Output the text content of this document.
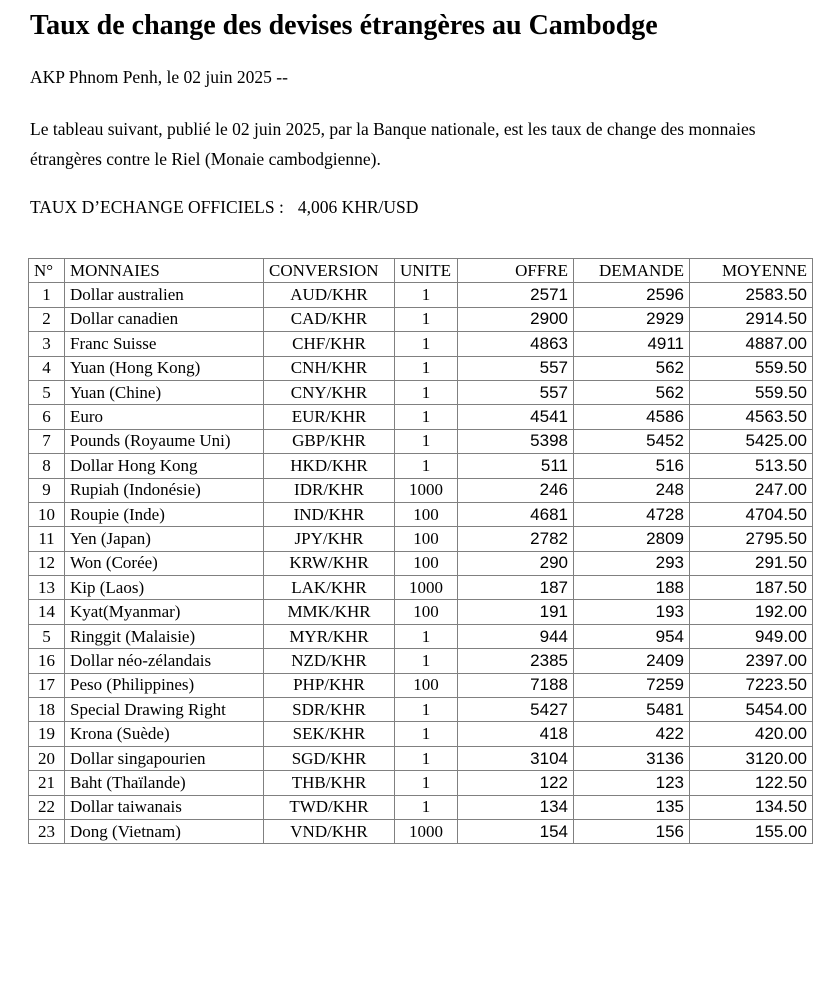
Taux de change des devises étrangères au Cambodge

AKP Phnom Penh, le 02 juin 2025 --

Le tableau suivant, publié le 02 juin 2025, par la Banque nationale, est les taux de change des monnaies étrangères contre le Riel (Monaie cambodgienne).

TAUX D’ECHANGE OFFICIELS : 4,006 KHR/USD

N°	MONNAIES	CONVERSION	UNITE	OFFRE	DEMANDE	MOYENNE
1	Dollar australien	AUD/KHR	1	2571	2596	2583.50
2	Dollar canadien	CAD/KHR	1	2900	2929	2914.50
3	Franc Suisse	CHF/KHR	1	4863	4911	4887.00
4	Yuan (Hong Kong)	CNH/KHR	1	557	562	559.50
5	Yuan (Chine)	CNY/KHR	1	557	562	559.50
6	Euro	EUR/KHR	1	4541	4586	4563.50
7	Pounds (Royaume Uni)	GBP/KHR	1	5398	5452	5425.00
8	Dollar Hong Kong	HKD/KHR	1	511	516	513.50
9	Rupiah (Indonésie)	IDR/KHR	1000	246	248	247.00
10	Roupie (Inde)	IND/KHR	100	4681	4728	4704.50
11	Yen (Japan)	JPY/KHR	100	2782	2809	2795.50
12	Won (Corée)	KRW/KHR	100	290	293	291.50
13	Kip (Laos)	LAK/KHR	1000	187	188	187.50
14	Kyat(Myanmar)	MMK/KHR	100	191	193	192.00
5	Ringgit (Malaisie)	MYR/KHR	1	944	954	949.00
16	Dollar néo-zélandais	NZD/KHR	1	2385	2409	2397.00
17	Peso (Philippines)	PHP/KHR	100	7188	7259	7223.50
18	Special Drawing Right	SDR/KHR	1	5427	5481	5454.00
19	Krona (Suède)	SEK/KHR	1	418	422	420.00
20	Dollar singapourien	SGD/KHR	1	3104	3136	3120.00
21	Baht (Thaïlande)	THB/KHR	1	122	123	122.50
22	Dollar taiwanais	TWD/KHR	1	134	135	134.50
23	Dong (Vietnam)	VND/KHR	1000	154	156	155.00
